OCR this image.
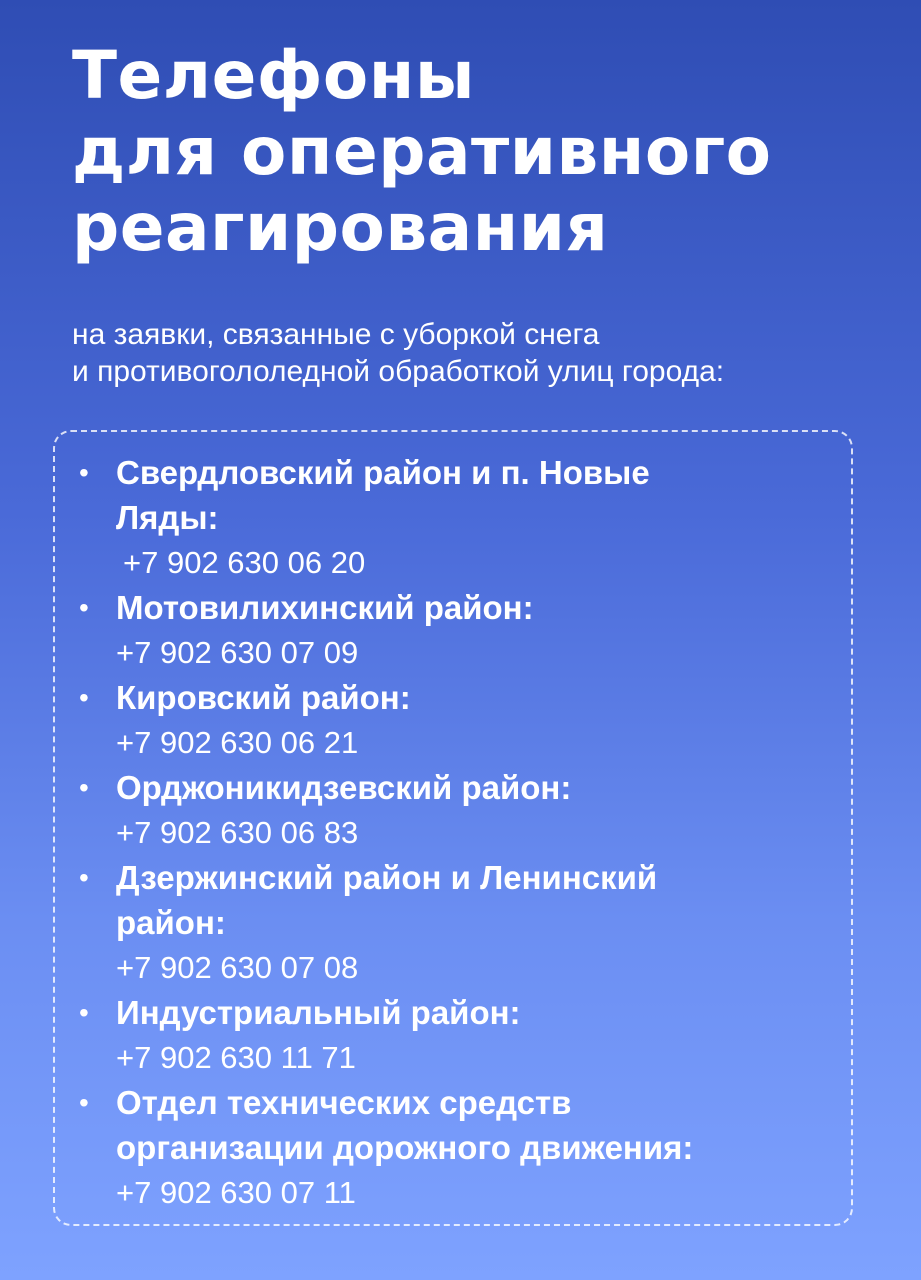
Телефоны
для оперативного
реагирования

на заявки, связанные с уборкой снега
и противогололедной обработкой улиц города:

• Свердловский район и п. Новые
Ляды:
+7 902 630 06 20
• Мотовилихинский район:
+7 902 630 07 09
• Кировский район:
+7 902 630 06 21
• Орджоникидзевский район:
+7 902 630 06 83
• Дзержинский район и Ленинский
район:
+7 902 630 07 08
• Индустриальный район:
+7 902 630 11 71
• Отдел технических средств
организации дорожного движения:
+7 902 630 07 11
